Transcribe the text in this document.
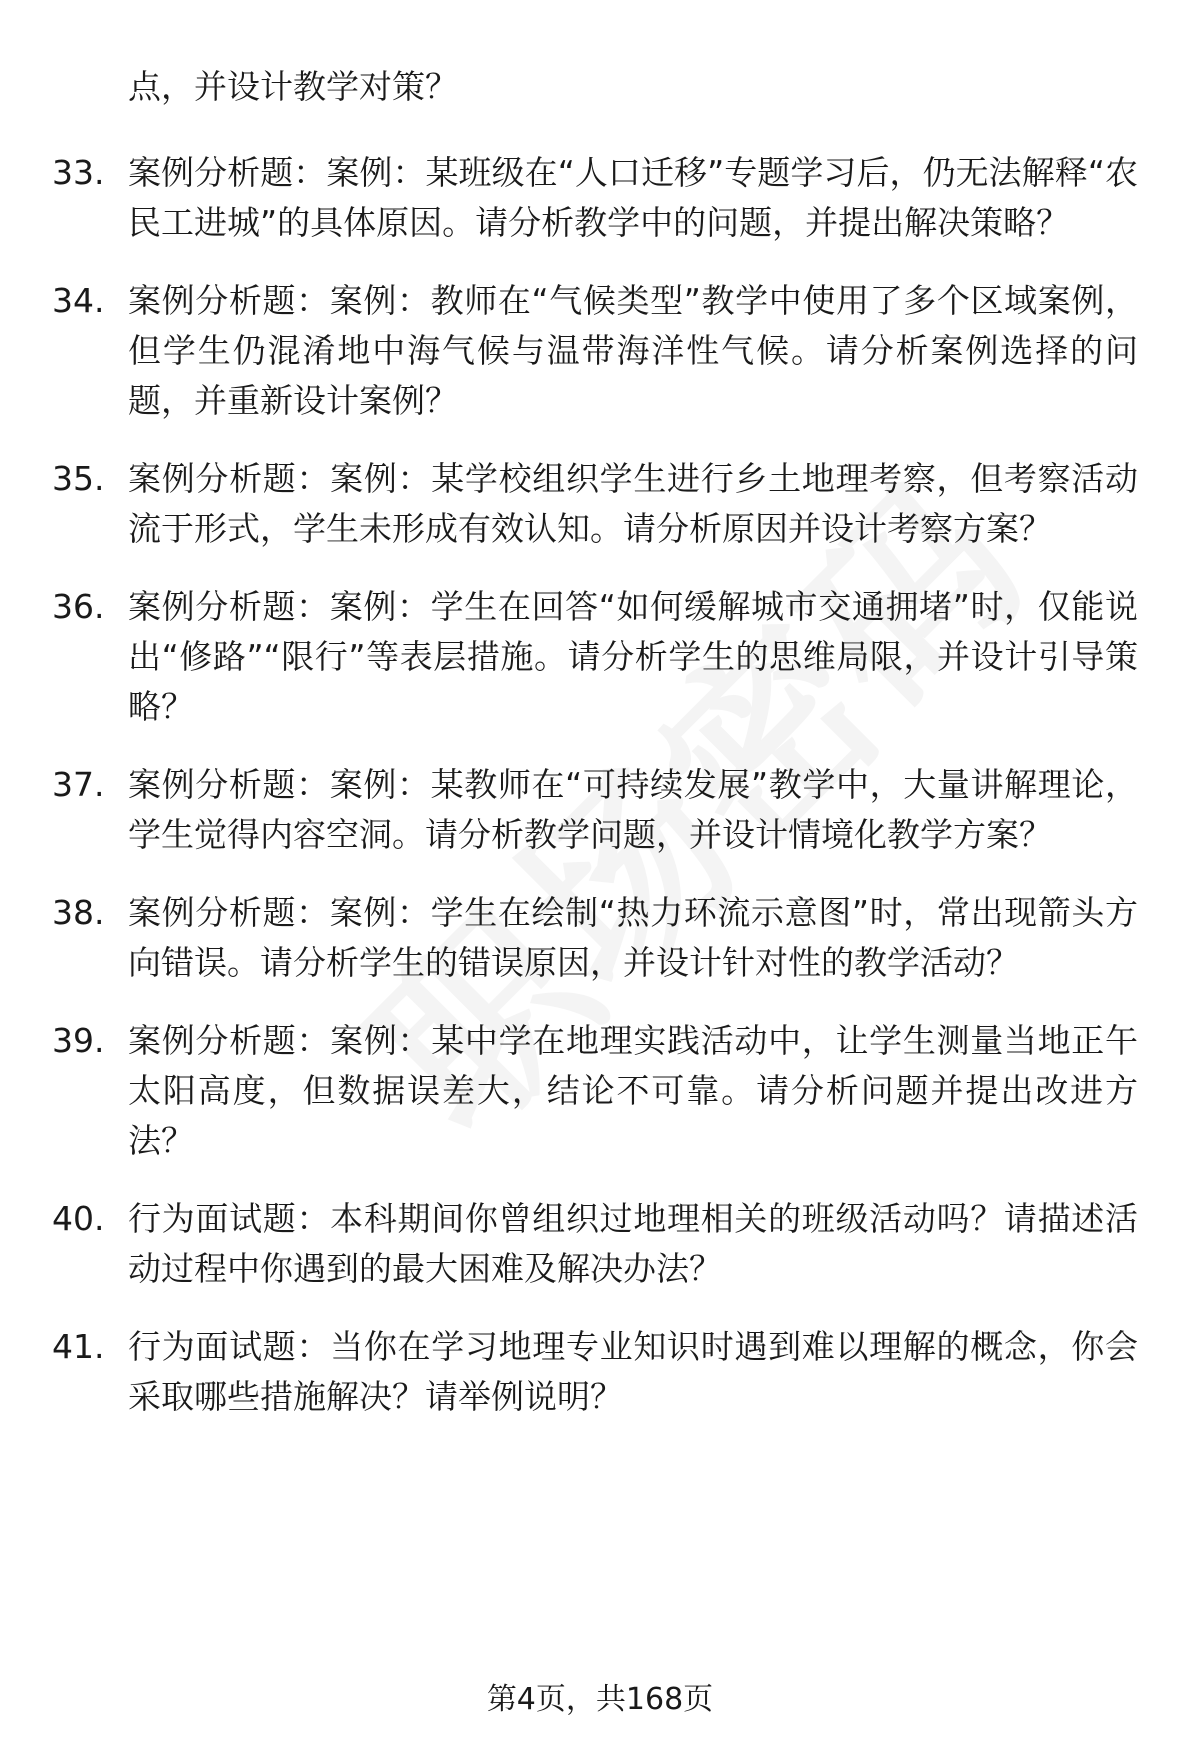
点，并设计教学对策？
33. 案例分析题：案例：某班级在“人口迁移”专题学习后，仍无法解释“农民工进城”的具体原因。请分析教学中的问题，并提出解决策略？
34. 案例分析题：案例：教师在“气候类型”教学中使用了多个区域案例，但学生仍混淆地中海气候与温带海洋性气候。请分析案例选择的问题，并重新设计案例？
35. 案例分析题：案例：某学校组织学生进行乡土地理考察，但考察活动流于形式，学生未形成有效认知。请分析原因并设计考察方案？
36. 案例分析题：案例：学生在回答“如何缓解城市交通拥堵”时，仅能说出“修路”“限行”等表层措施。请分析学生的思维局限，并设计引导策略？
37. 案例分析题：案例：某教师在“可持续发展”教学中，大量讲解理论，学生觉得内容空洞。请分析教学问题，并设计情境化教学方案？
38. 案例分析题：案例：学生在绘制“热力环流示意图”时，常出现箭头方向错误。请分析学生的错误原因，并设计针对性的教学活动？
39. 案例分析题：案例：某中学在地理实践活动中，让学生测量当地正午太阳高度，但数据误差大，结论不可靠。请分析问题并提出改进方法？
40. 行为面试题：本科期间你曾组织过地理相关的班级活动吗？请描述活动过程中你遇到的最大困难及解决办法？
41. 行为面试题：当你在学习地理专业知识时遇到难以理解的概念，你会采取哪些措施解决？请举例说明？
第4页，共168页
